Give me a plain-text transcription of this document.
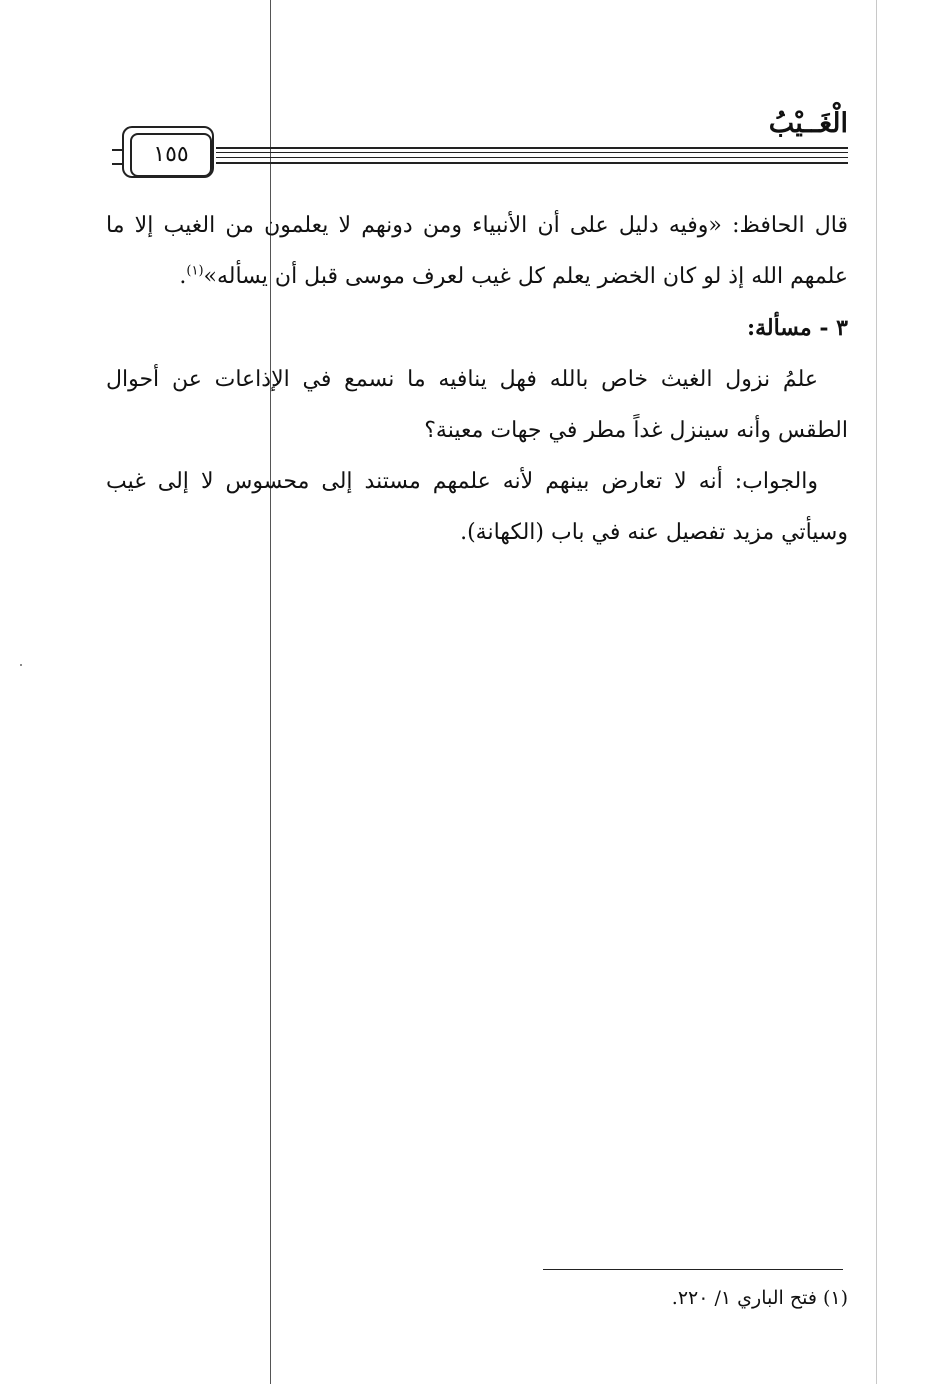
الْغَــيْبُ
١٥٥
قال الحافظ: «وفيه دليل على أن الأنبياء ومن دونهم لا يعلمون من الغيب إلا ما علمهم الله إذ لو كان الخضر يعلم كل غيب لعرف موسى قبل أن يسأله»$^{(١)}$.
٣ - مسألة:
علمُ نزول الغيث خاص بالله فهل ينافيه ما نسمع في الإذاعات عن أحوال الطقس وأنه سينزل غداً مطر في جهات معينة؟
والجواب: أنه لا تعارض بينهم لأنه علمهم مستند إلى محسوس لا إلى غيب وسيأتي مزيد تفصيل عنه في باب (الكهانة).
(١) فتح الباري ١/ ٢٢٠.
